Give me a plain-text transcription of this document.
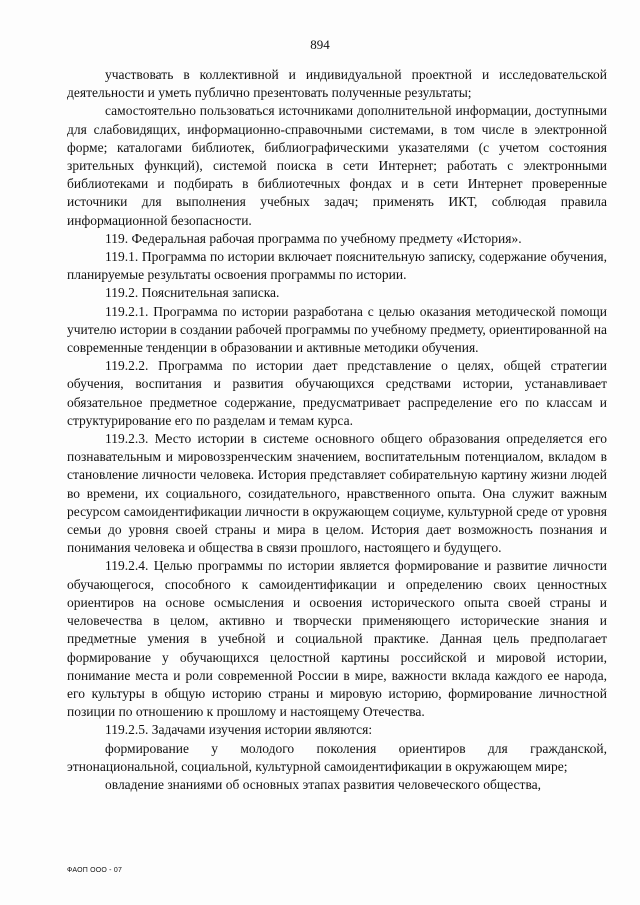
894

участвовать в коллективной и индивидуальной проектной и исследовательской деятельности и уметь публично презентовать полученные результаты;

самостоятельно пользоваться источниками дополнительной информации, доступными для слабовидящих, информационно-справочными системами, в том числе в электронной форме; каталогами библиотек, библиографическими указателями (с учетом состояния зрительных функций), системой поиска в сети Интернет; работать с электронными библиотеками и подбирать в библиотечных фондах и в сети Интернет проверенные источники для выполнения учебных задач; применять ИКТ, соблюдая правила информационной безопасности.

119. Федеральная рабочая программа по учебному предмету «История».

119.1. Программа по истории включает пояснительную записку, содержание обучения, планируемые результаты освоения программы по истории.

119.2. Пояснительная записка.

119.2.1. Программа по истории разработана с целью оказания методической помощи учителю истории в создании рабочей программы по учебному предмету, ориентированной на современные тенденции в образовании и активные методики обучения.

119.2.2. Программа по истории дает представление о целях, общей стратегии обучения, воспитания и развития обучающихся средствами истории, устанавливает обязательное предметное содержание, предусматривает распределение его по классам и структурирование его по разделам и темам курса.

119.2.3. Место истории в системе основного общего образования определяется его познавательным и мировоззренческим значением, воспитательным потенциалом, вкладом в становление личности человека. История представляет собирательную картину жизни людей во времени, их социального, созидательного, нравственного опыта. Она служит важным ресурсом самоидентификации личности в окружающем социуме, культурной среде от уровня семьи до уровня своей страны и мира в целом. История дает возможность познания и понимания человека и общества в связи прошлого, настоящего и будущего.

119.2.4. Целью программы по истории является формирование и развитие личности обучающегося, способного к самоидентификации и определению своих ценностных ориентиров на основе осмысления и освоения исторического опыта своей страны и человечества в целом, активно и творчески применяющего исторические знания и предметные умения в учебной и социальной практике. Данная цель предполагает формирование у обучающихся целостной картины российской и мировой истории, понимание места и роли современной России в мире, важности вклада каждого ее народа, его культуры в общую историю страны и мировую историю, формирование личностной позиции по отношению к прошлому и настоящему Отечества.

119.2.5. Задачами изучения истории являются:

формирование у молодого поколения ориентиров для гражданской, этнонациональной, социальной, культурной самоидентификации в окружающем мире;

овладение знаниями об основных этапах развития человеческого общества,

ФАОП ООО - 07
